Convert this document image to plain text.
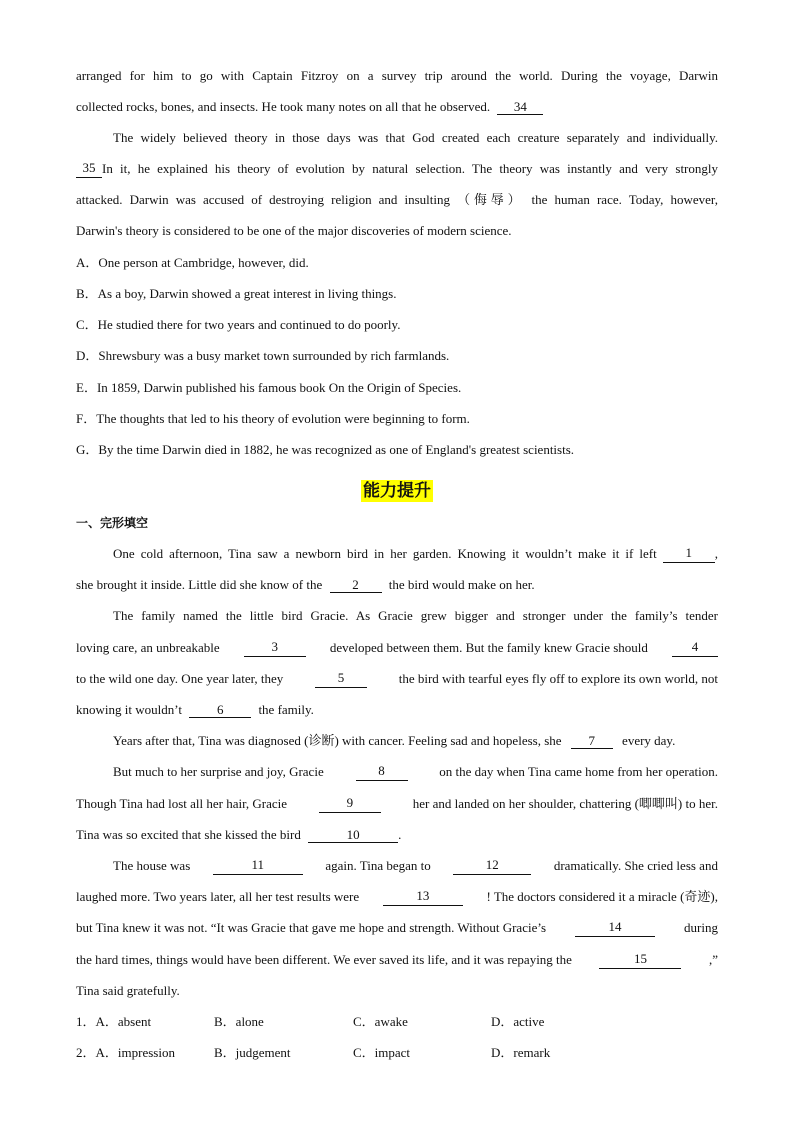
arranged for him to go with Captain Fitzroy on a survey trip around the world. During the voyage, Darwin
collected rocks, bones, and insects. He took many notes on all that he observed. 34
The widely believed theory in those days was that God created each creature separately and individually.
35 In it, he explained his theory of evolution by natural selection. The theory was instantly and very strongly
attacked. Darwin was accused of destroying religion and insulting （侮辱） the human race. Today, however,
Darwin's theory is considered to be one of the major discoveries of modern science.
A．One person at Cambridge, however, did.
B．As a boy, Darwin showed a great interest in living things.
C．He studied there for two years and continued to do poorly.
D．Shrewsbury was a busy market town surrounded by rich farmlands.
E．In 1859, Darwin published his famous book On the Origin of Species.
F．The thoughts that led to his theory of evolution were beginning to form.
G．By the time Darwin died in 1882, he was recognized as one of England's greatest scientists.
能力提升
一、完形填空
One cold afternoon, Tina saw a newborn bird in her garden. Knowing it wouldn’t make it if left	1	,
she brought it inside. Little did she know of the 2 the bird would make on her.
The family named the little bird Gracie. As Gracie grew bigger and stronger under the family’s tender
loving care, an unbreakable	3	developed between them. But the family knew Gracie should	4
to the wild one day. One year later, they	5	the bird with tearful eyes fly off to explore its own world, not
knowing it wouldn’t	6	the family.
Years after that, Tina was diagnosed (诊断) with cancer. Feeling sad and hopeless, she 7 every day.
But much to her surprise and joy, Gracie	8	on the day when Tina came home from her operation.
Though Tina had lost all her hair, Gracie	9	her and landed on her shoulder, chattering (唧唧叫) to her.
Tina was so excited that she kissed the bird	10	.
The house was	11	again. Tina began to	12	dramatically. She cried less and
laughed more. Two years later, all her test results were	13	! The doctors considered it a miracle (奇迹),
but Tina knew it was not. “It was Gracie that gave me hope and strength. Without Gracie’s	14	during
the hard times, things would have been different. We ever saved its life, and it was repaying the	15	,”
Tina said gratefully.
1．A．absent	B．alone	C．awake	D．active
2．A．impression	B．judgement	C．impact	D．remark
